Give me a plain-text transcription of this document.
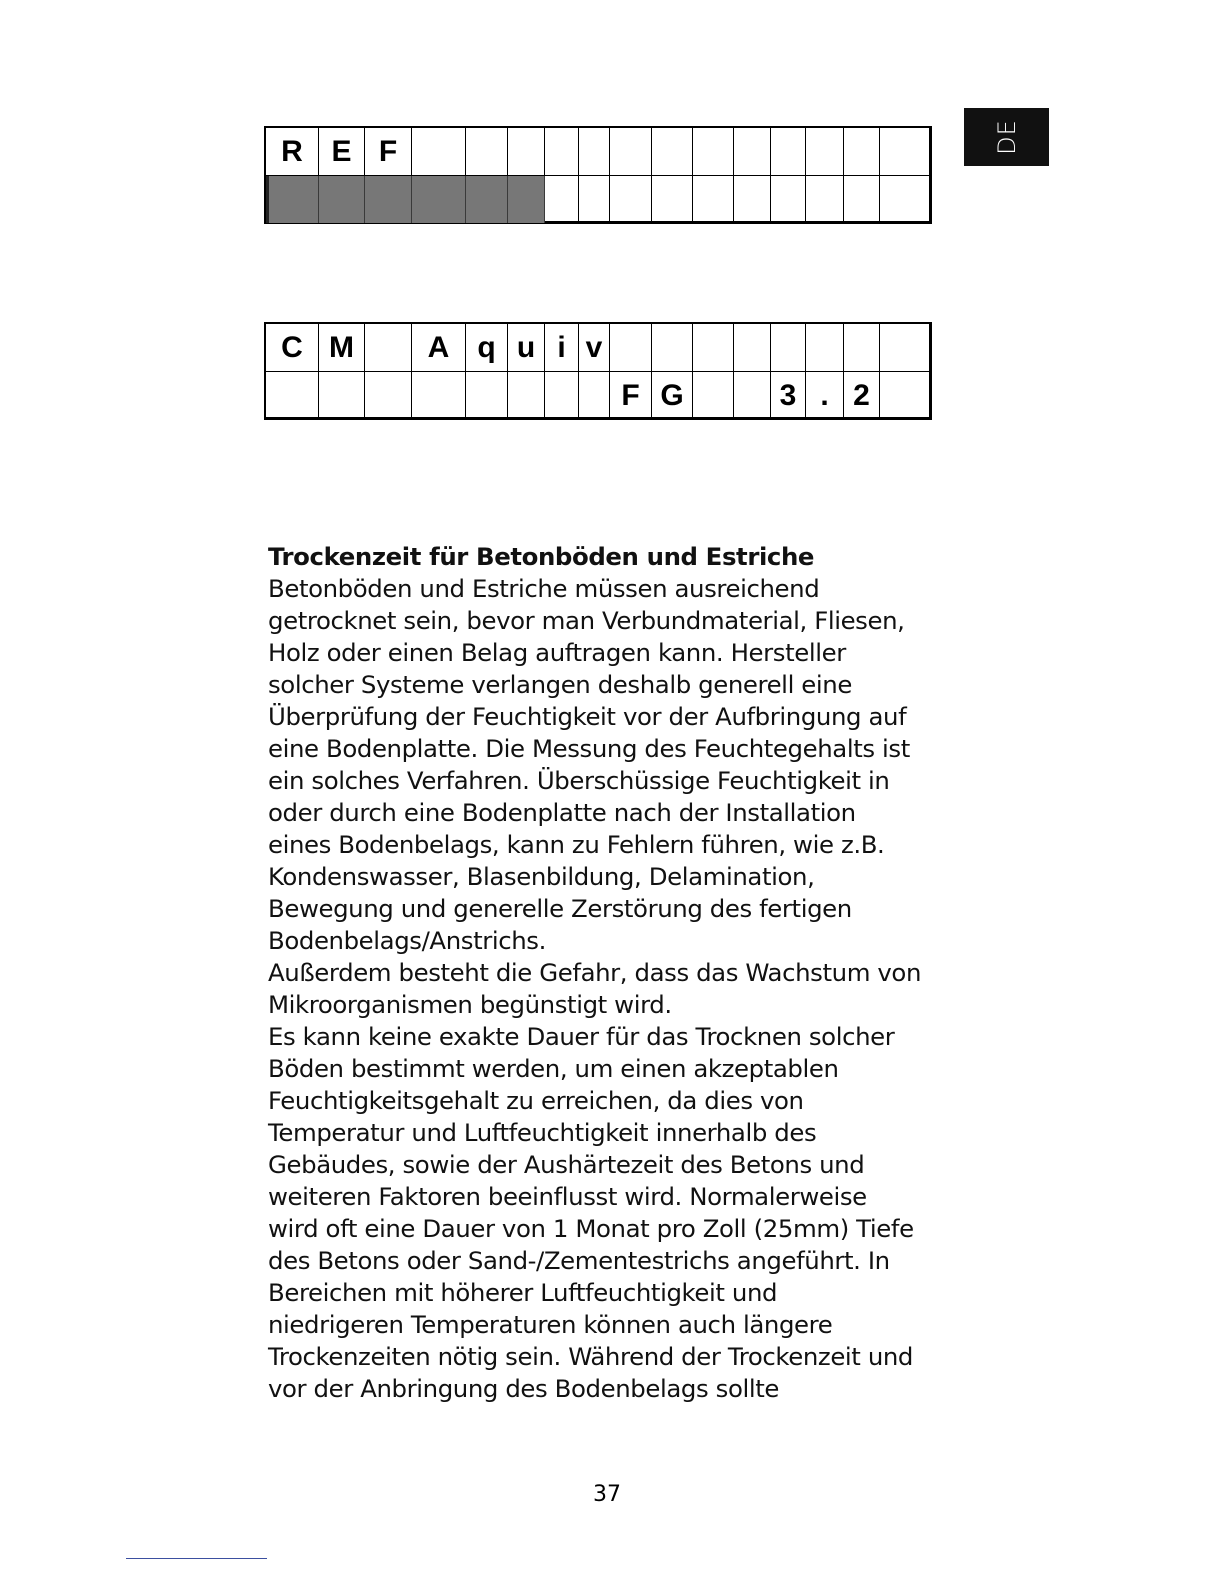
DE
R E F
C M	A q u i v
F G	3 . 2
Trockenzeit für Betonböden und Estriche
Betonböden und Estriche müssen ausreichend
getrocknet sein, bevor man Verbundmaterial, Fliesen,
Holz oder einen Belag auftragen kann. Hersteller
solcher Systeme verlangen deshalb generell eine
Überprüfung der Feuchtigkeit vor der Aufbringung auf
eine Bodenplatte. Die Messung des Feuchtegehalts ist
ein solches Verfahren. Überschüssige Feuchtigkeit in
oder durch eine Bodenplatte nach der Installation
eines Bodenbelags, kann zu Fehlern führen, wie z.B.
Kondenswasser, Blasenbildung, Delamination,
Bewegung und generelle Zerstörung des fertigen
Bodenbelags/Anstrichs.
Außerdem besteht die Gefahr, dass das Wachstum von
Mikroorganismen begünstigt wird.
Es kann keine exakte Dauer für das Trocknen solcher
Böden bestimmt werden, um einen akzeptablen
Feuchtigkeitsgehalt zu erreichen, da dies von
Temperatur und Luftfeuchtigkeit innerhalb des
Gebäudes, sowie der Aushärtezeit des Betons und
weiteren Faktoren beeinflusst wird. Normalerweise
wird oft eine Dauer von 1 Monat pro Zoll (25mm) Tiefe
des Betons oder Sand-/Zementestrichs angeführt. In
Bereichen mit höherer Luftfeuchtigkeit und
niedrigeren Temperaturen können auch längere
Trockenzeiten nötig sein. Während der Trockenzeit und
vor der Anbringung des Bodenbelags sollte
37
